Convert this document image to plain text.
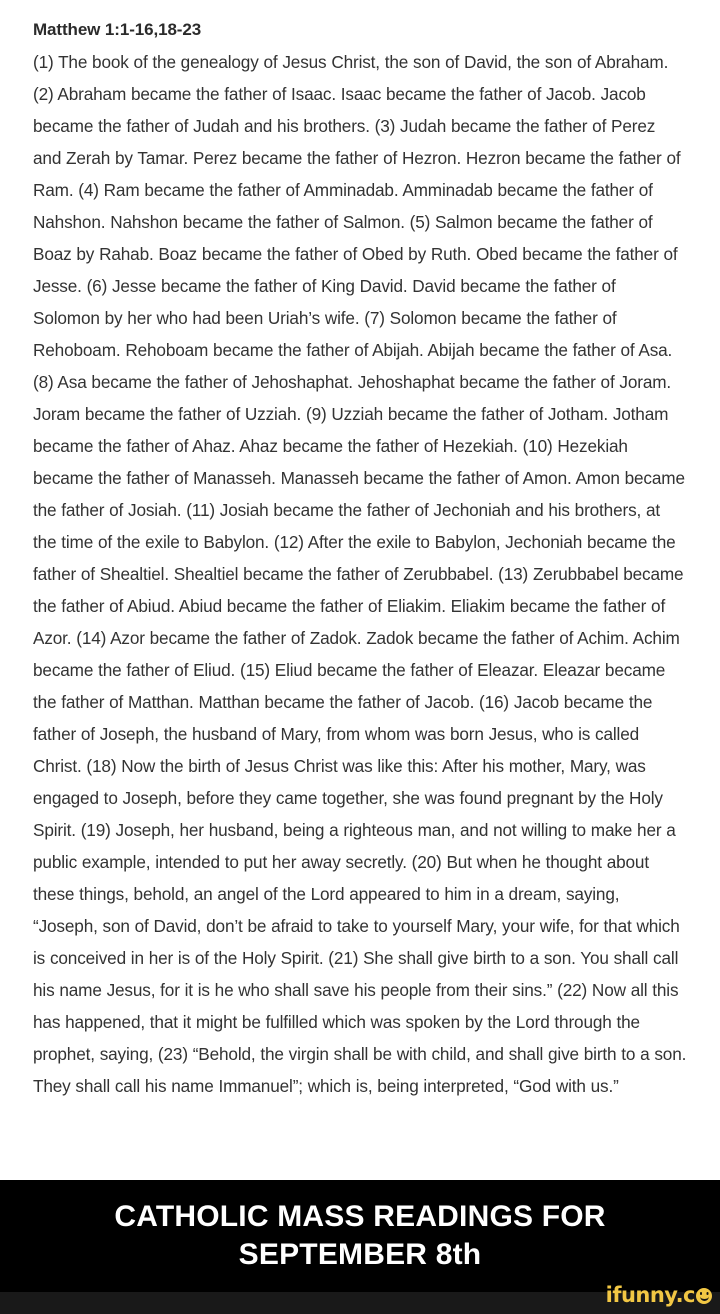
Matthew 1:1-16,18-23

(1) The book of the genealogy of Jesus Christ, the son of David, the son of Abraham. (2) Abraham became the father of Isaac. Isaac became the father of Jacob. Jacob became the father of Judah and his brothers. (3) Judah became the father of Perez and Zerah by Tamar. Perez became the father of Hezron. Hezron became the father of Ram. (4) Ram became the father of Amminadab. Amminadab became the father of Nahshon. Nahshon became the father of Salmon. (5) Salmon became the father of Boaz by Rahab. Boaz became the father of Obed by Ruth. Obed became the father of Jesse. (6) Jesse became the father of King David. David became the father of Solomon by her who had been Uriah’s wife. (7) Solomon became the father of Rehoboam. Rehoboam became the father of Abijah. Abijah became the father of Asa. (8) Asa became the father of Jehoshaphat. Jehoshaphat became the father of Joram. Joram became the father of Uzziah. (9) Uzziah became the father of Jotham. Jotham became the father of Ahaz. Ahaz became the father of Hezekiah. (10) Hezekiah became the father of Manasseh. Manasseh became the father of Amon. Amon became the father of Josiah. (11) Josiah became the father of Jechoniah and his brothers, at the time of the exile to Babylon. (12) After the exile to Babylon, Jechoniah became the father of Shealtiel. Shealtiel became the father of Zerubbabel. (13) Zerubbabel became the father of Abiud. Abiud became the father of Eliakim. Eliakim became the father of Azor. (14) Azor became the father of Zadok. Zadok became the father of Achim. Achim became the father of Eliud. (15) Eliud became the father of Eleazar. Eleazar became the father of Matthan. Matthan became the father of Jacob. (16) Jacob became the father of Joseph, the husband of Mary, from whom was born Jesus, who is called Christ. (18) Now the birth of Jesus Christ was like this: After his mother, Mary, was engaged to Joseph, before they came together, she was found pregnant by the Holy Spirit. (19) Joseph, her husband, being a righteous man, and not willing to make her a public example, intended to put her away secretly. (20) But when he thought about these things, behold, an angel of the Lord appeared to him in a dream, saying, “Joseph, son of David, don’t be afraid to take to yourself Mary, your wife, for that which is conceived in her is of the Holy Spirit. (21) She shall give birth to a son. You shall call his name Jesus, for it is he who shall save his people from their sins.” (22) Now all this has happened, that it might be fulfilled which was spoken by the Lord through the prophet, saying, (23) “Behold, the virgin shall be with child, and shall give birth to a son. They shall call his name Immanuel”; which is, being interpreted, “God with us.”

CATHOLIC MASS READINGS FOR SEPTEMBER 8th
ifunny.c
